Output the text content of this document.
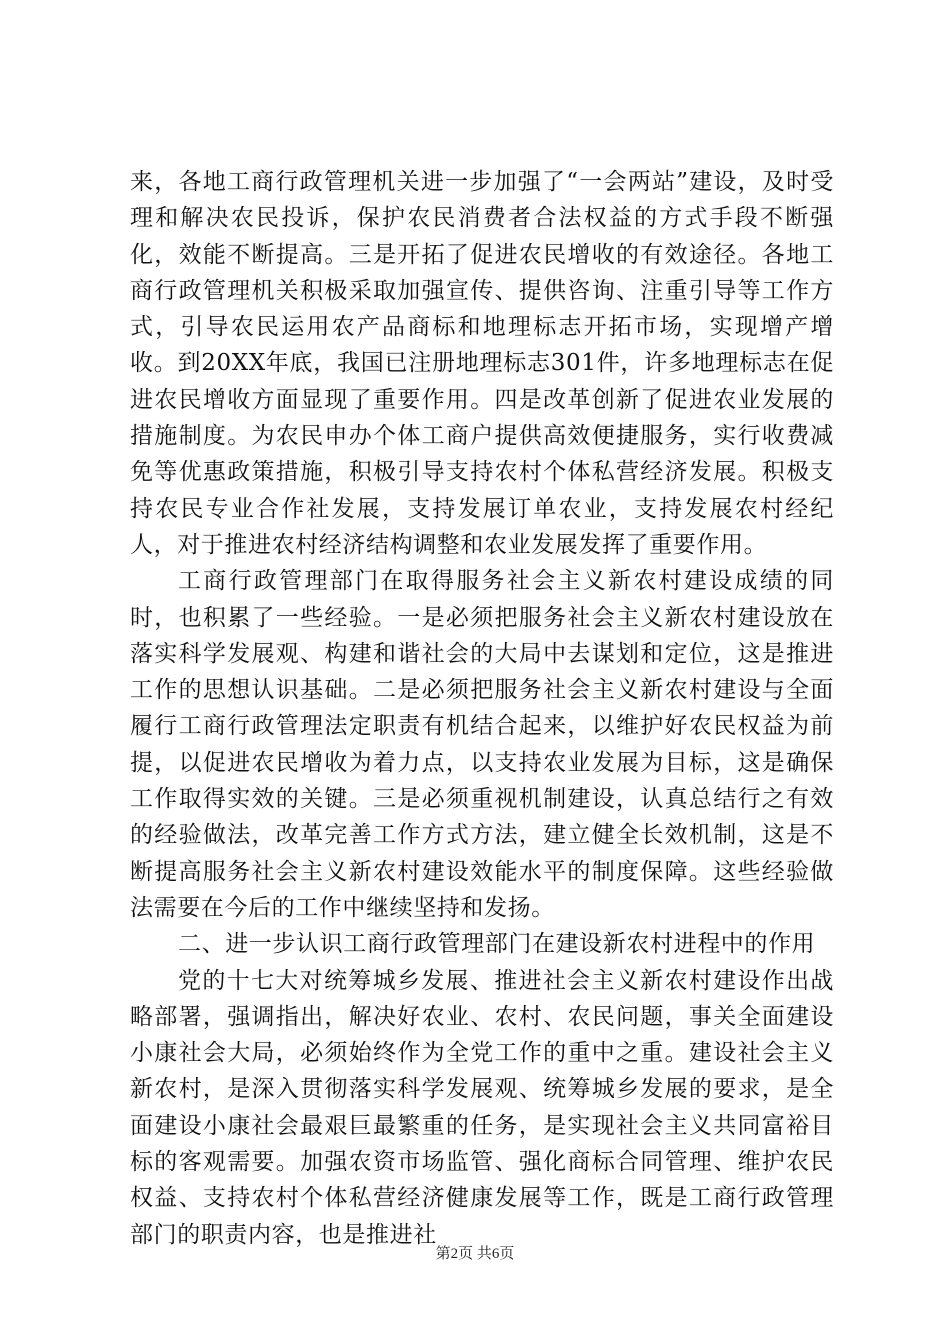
来，各地工商行政管理机关进一步加强了“一会两站”建设，及时受理和解决农民投诉，保护农民消费者合法权益的方式手段不断强化，效能不断提高。三是开拓了促进农民增收的有效途径。各地工商行政管理机关积极采取加强宣传、提供咨询、注重引导等工作方式，引导农民运用农产品商标和地理标志开拓市场，实现增产增收。到20XX年底，我国已注册地理标志301件，许多地理标志在促进农民增收方面显现了重要作用。四是改革创新了促进农业发展的措施制度。为农民申办个体工商户提供高效便捷服务，实行收费减免等优惠政策措施，积极引导支持农村个体私营经济发展。积极支持农民专业合作社发展，支持发展订单农业，支持发展农村经纪人，对于推进农村经济结构调整和农业发展发挥了重要作用。

工商行政管理部门在取得服务社会主义新农村建设成绩的同时，也积累了一些经验。一是必须把服务社会主义新农村建设放在落实科学发展观、构建和谐社会的大局中去谋划和定位，这是推进工作的思想认识基础。二是必须把服务社会主义新农村建设与全面履行工商行政管理法定职责有机结合起来，以维护好农民权益为前提，以促进农民增收为着力点，以支持农业发展为目标，这是确保工作取得实效的关键。三是必须重视机制建设，认真总结行之有效的经验做法，改革完善工作方式方法，建立健全长效机制，这是不断提高服务社会主义新农村建设效能水平的制度保障。这些经验做法需要在今后的工作中继续坚持和发扬。

二、进一步认识工商行政管理部门在建设新农村进程中的作用

党的十七大对统筹城乡发展、推进社会主义新农村建设作出战略部署，强调指出，解决好农业、农村、农民问题，事关全面建设小康社会大局，必须始终作为全党工作的重中之重。建设社会主义新农村，是深入贯彻落实科学发展观、统筹城乡发展的要求，是全面建设小康社会最艰巨最繁重的任务，是实现社会主义共同富裕目标的客观需要。加强农资市场监管、强化商标合同管理、维护农民权益、支持农村个体私营经济健康发展等工作，既是工商行政管理部门的职责内容，也是推进社

第2页 共6页
